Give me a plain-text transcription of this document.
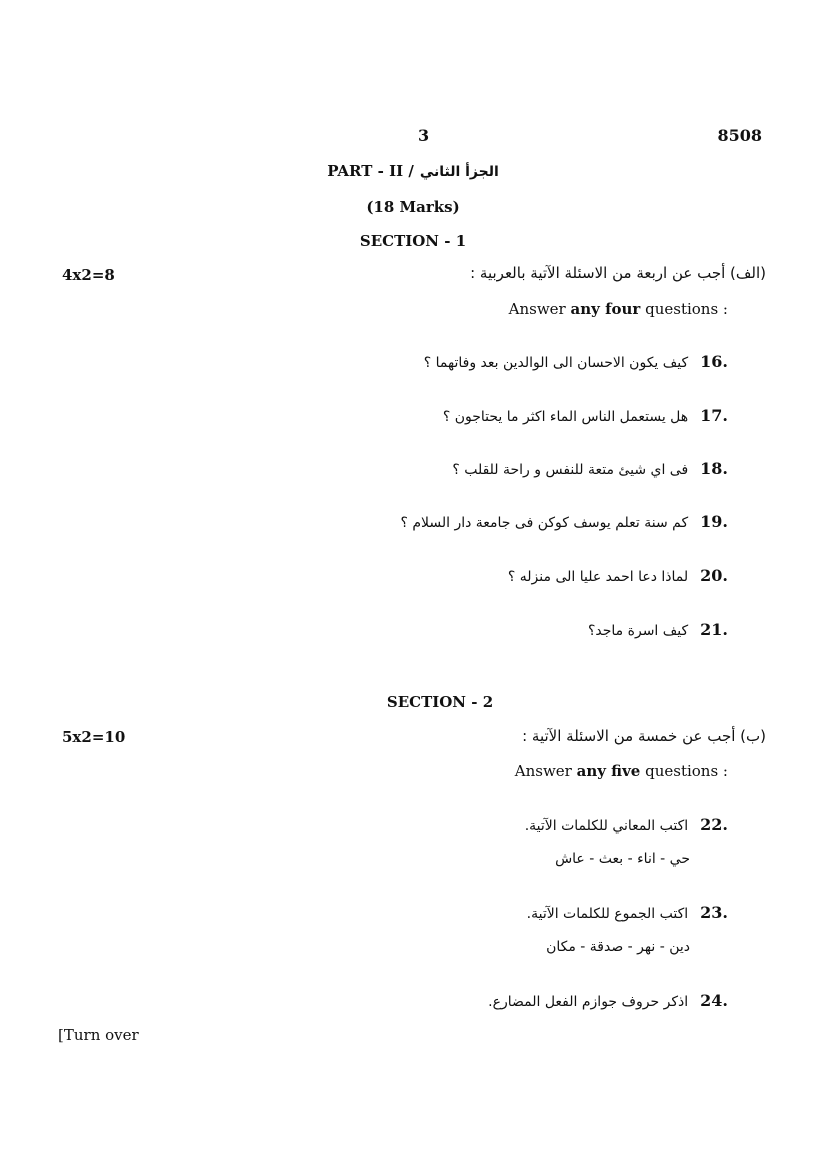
3	8508
PART - II / الجزأ الثاني
(18 Marks)
SECTION - 1
4x2=8	(الف) أجب عن اربعة من الاسئلة الآتية بالعربية :
Answer any four questions :
16.
كيف يكون الاحسان الى الوالدين بعد وفاتهما ؟
17.
هل يستعمل الناس الماء اكثر ما يحتاجون ؟
18.
فى اي شيئ متعة للنفس و راحة للقلب ؟
19.
كم سنة تعلم يوسف كوكن فى جامعة دار السلام ؟
20.
لماذا دعا احمد عليا الى منزله ؟
21.
كيف اسرة ماجد؟
SECTION - 2
5x2=10	(ب) أجب عن خمسة من الاسئلة الآتية :
Answer any five questions :
22.
اكتب المعاني للكلمات الآتية.
حي - اناء - بعث - عاش
23.
اكتب الجموع للكلمات الآتية.
دين - نهر - صدقة - مكان
24.
اذكر حروف جوازم الفعل المضارع.
[Turn over
